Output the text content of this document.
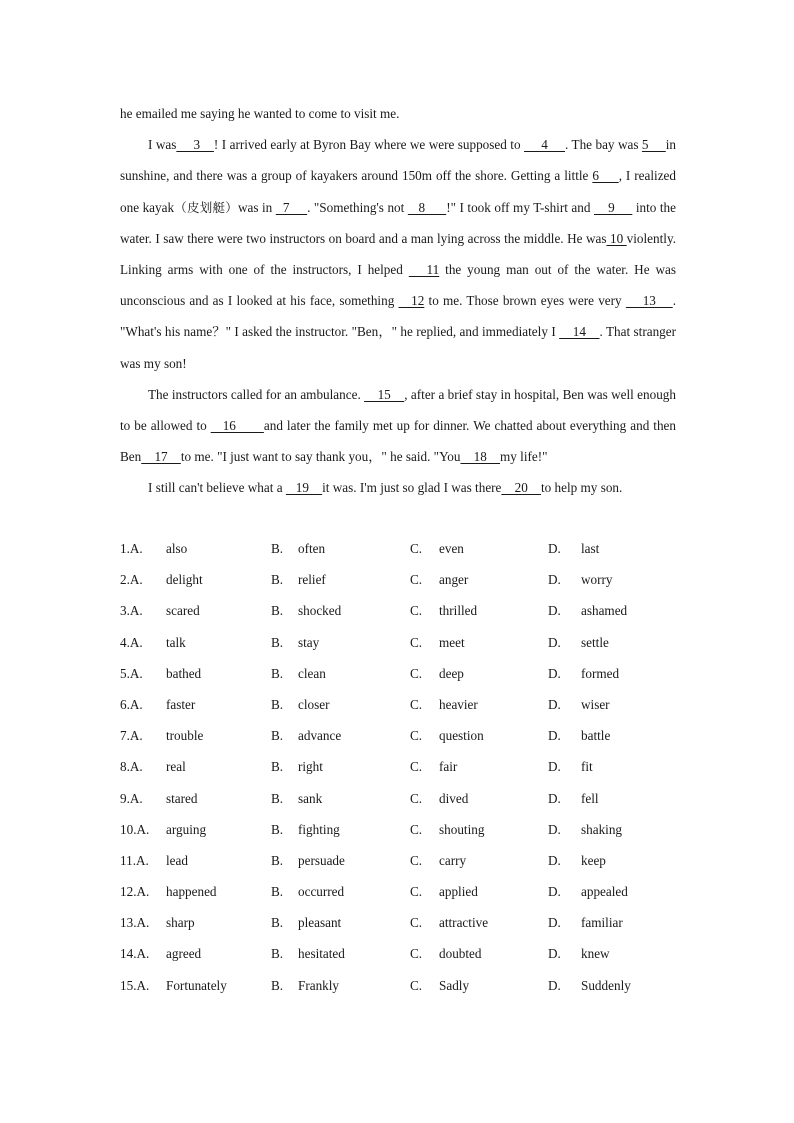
he emailed me saying he wanted to come to visit me.

I was     3    ! I arrived early at Byron Bay where we were supposed to      4     . The bay was 5     in sunshine, and there was a group of kayakers around 150m off the shore. Getting a little 6     , I realized one kayak（皮划艇）was in   7     . "Something's not    8      !" I took off my T-shirt and     9      into the water. I saw there were two instructors on board and a man lying across the middle. He was 10 violently. Linking arms with one of the instructors, I helped    11 the young man out of the water. He was unconscious and as I looked at his face, something    12 to me. Those brown eyes were very     13    . "What's his name？" I asked the instructor. "Ben，" he replied, and immediately I     14    . That stranger was my son!

The instructors called for an ambulance.     15    , after a brief stay in hospital, Ben was well enough to be allowed to    16       and later the family met up for dinner. We chatted about everything and then Ben    17    to me. "I just want to say thank you，" he said. "You    18    my life!"

I still can't believe what a    19    it was. I'm just so glad I was there    20    to help my son.

1.A. also	B. often	C. even	D. last
2.A. delight	B. relief	C. anger	D. worry
3.A. scared	B. shocked	C. thrilled	D. ashamed
4.A. talk	B. stay	C. meet	D. settle
5.A. bathed	B. clean	C. deep	D. formed
6.A. faster	B. closer	C. heavier	D. wiser
7.A. trouble	B. advance	C. question	D. battle
8.A. real	B. right	C. fair	D. fit
9.A. stared	B. sank	C. dived	D. fell
10.A. arguing	B. fighting	C. shouting	D. shaking
11.A. lead	B. persuade	C. carry	D. keep
12.A. happened	B. occurred	C. applied	D. appealed
13.A. sharp	B. pleasant	C. attractive	D. familiar
14.A. agreed	B. hesitated	C. doubted	D. knew
15.A. Fortunately	B. Frankly	C. Sadly	D. Suddenly
